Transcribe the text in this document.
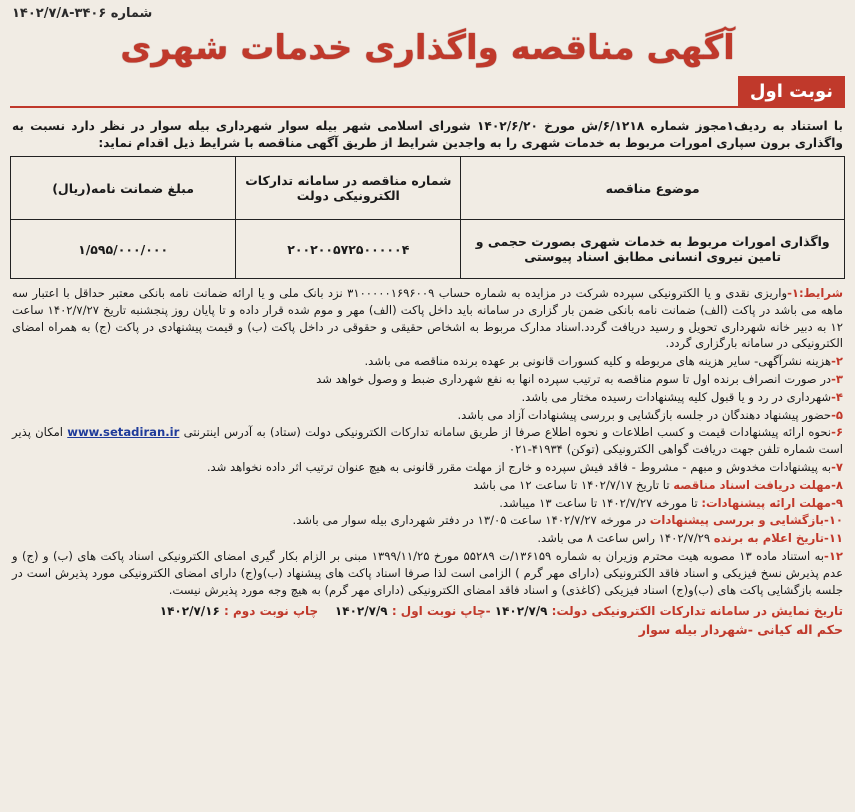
شماره ۳۴۰۶-۱۴۰۲/۷/۸
آگهی مناقصه واگذاری خدمات شهری
نوبت اول
با استناد به ردیف‌۱مجوز شماره ۶/۱۲۱۸/ش مورخ ۱۴۰۲/۶/۲۰ شورای اسلامی شهر بیله سوار شهرداری بیله سوار در نظر دارد نسبت به واگذاری برون سپاری امورات مربوط به خدمات شهری را به واجدین شرایط از طریق آگهی مناقصه با شرایط ذیل اقدام نماید:
موضوع مناقصه	شماره مناقصه در سامانه تدارکات الکترونیکی دولت	مبلغ ضمانت نامه(ریال)
واگذاری امورات مربوط به خدمات شهری بصورت حجمی و تامین نیروی انسانی مطابق اسناد پیوستی	۲۰۰۲۰۰۵۷۲۵۰۰۰۰۰۴	۱/۵۹۵/۰۰۰/۰۰۰

شرایط:۱-واریزی نقدی و یا الکترونیکی سپرده شرکت در مزایده به شماره حساب ۳۱۰۰۰۰۰۱۶۹۶۰۰۹ نزد بانک ملی و یا ارائه ضمانت نامه بانکی معتبر حداقل با اعتبار سه ماهه می باشد در پاکت (الف) ضمانت نامه بانکی ضمن بار گزاری در سامانه باید داخل پاکت (الف) مهر و موم شده قرار داده و تا پایان روز پنجشنبه تاریخ ۱۴۰۲/۷/۲۷ ساعت ۱۲ به دبیر خانه شهرداری تحویل و رسید دریافت گردد.اسناد مدارک مربوط به اشخاص حقیقی و حقوقی در داخل پاکت (ب) و قیمت پیشنهادی در پاکت (ج) به همراه امضای الکترونیکی در سامانه بارگزاری گردد.

۲-هزینه نشرآگهی- سایر هزینه های مربوطه و کلیه کسورات قانونی بر عهده برنده مناقصه می باشد.

۳-در صورت انصراف برنده اول تا سوم مناقصه به ترتیب سپرده انها به نفع شهرداری ضبط و وصول خواهد شد

۴-شهرداری در رد و یا قبول کلیه پیشنهادات رسیده مختار می باشد.

۵-حضور پیشنهاد دهندگان در جلسه بازگشایی و بررسی پیشنهادات آزاد می باشد.

۶-نحوه ارائه پیشنهادات قیمت و کسب اطلاعات و نحوه اطلاع صرفا از طریق سامانه تدارکات الکترونیکی دولت (ستاد) به آدرس اینترنتی www.setadiran.ir امکان پذیر است شماره تلفن جهت دریافت گواهی الکترونیکی (توکن) ۴۱۹۳۴-۰۲۱

۷-به پیشنهادات مخدوش و مبهم - مشروط - فاقد فیش سپرده و خارج از مهلت مقرر قانونی به هیچ عنوان ترتیب اثر داده نخواهد شد.

۸-مهلت دریافت اسناد مناقصه تا تاریخ ۱۴۰۲/۷/۱۷ تا ساعت ۱۲ می باشد

۹-مهلت ارائه پیشنهادات: تا مورخه ۱۴۰۲/۷/۲۷ تا ساعت ۱۳ میباشد.

۱۰-بازگشایی و بررسی پیشنهادات در مورخه ۱۴۰۲/۷/۲۷ ساعت ۱۳/۰۵ در دفتر شهرداری بیله سوار می باشد.

۱۱-تاریخ اعلام به برنده ۱۴۰۲/۷/۲۹ راس ساعت ۸ می باشد.

۱۲-به استناد ماده ۱۳ مصوبه هیت محترم وزیران به شماره ۱۳۶۱۵۹/ت ۵۵۲۸۹ مورخ ۱۳۹۹/۱۱/۲۵ مبنی بر الزام بکار گیری امضای الکترونیکی اسناد پاکت های (ب) و (ج) و عدم پذیرش نسخ فیزیکی و اسناد فاقد الکترونیکی (دارای مهر گرم ) الزامی است لذا صرفا اسناد پاکت های پیشنهاد (ب)و(ج) دارای امضای الکترونیکی مورد پذیرش است در جلسه بازگشایی پاکت های (ب)و(ج) اسناد فیزیکی (کاغذی) و اسناد فاقد امضای الکترونیکی (دارای مهر گرم) به هیچ وجه مورد پذیرش نیست.

تاریخ نمایش در سامانه تدارکات الکترونیکی دولت: ۱۴۰۲/۷/۹ -چاپ نوبت اول : ۱۴۰۲/۷/۹    چاپ نوبت دوم : ۱۴۰۲/۷/۱۶
حکم اله کیانی -شهردار بیله سوار
